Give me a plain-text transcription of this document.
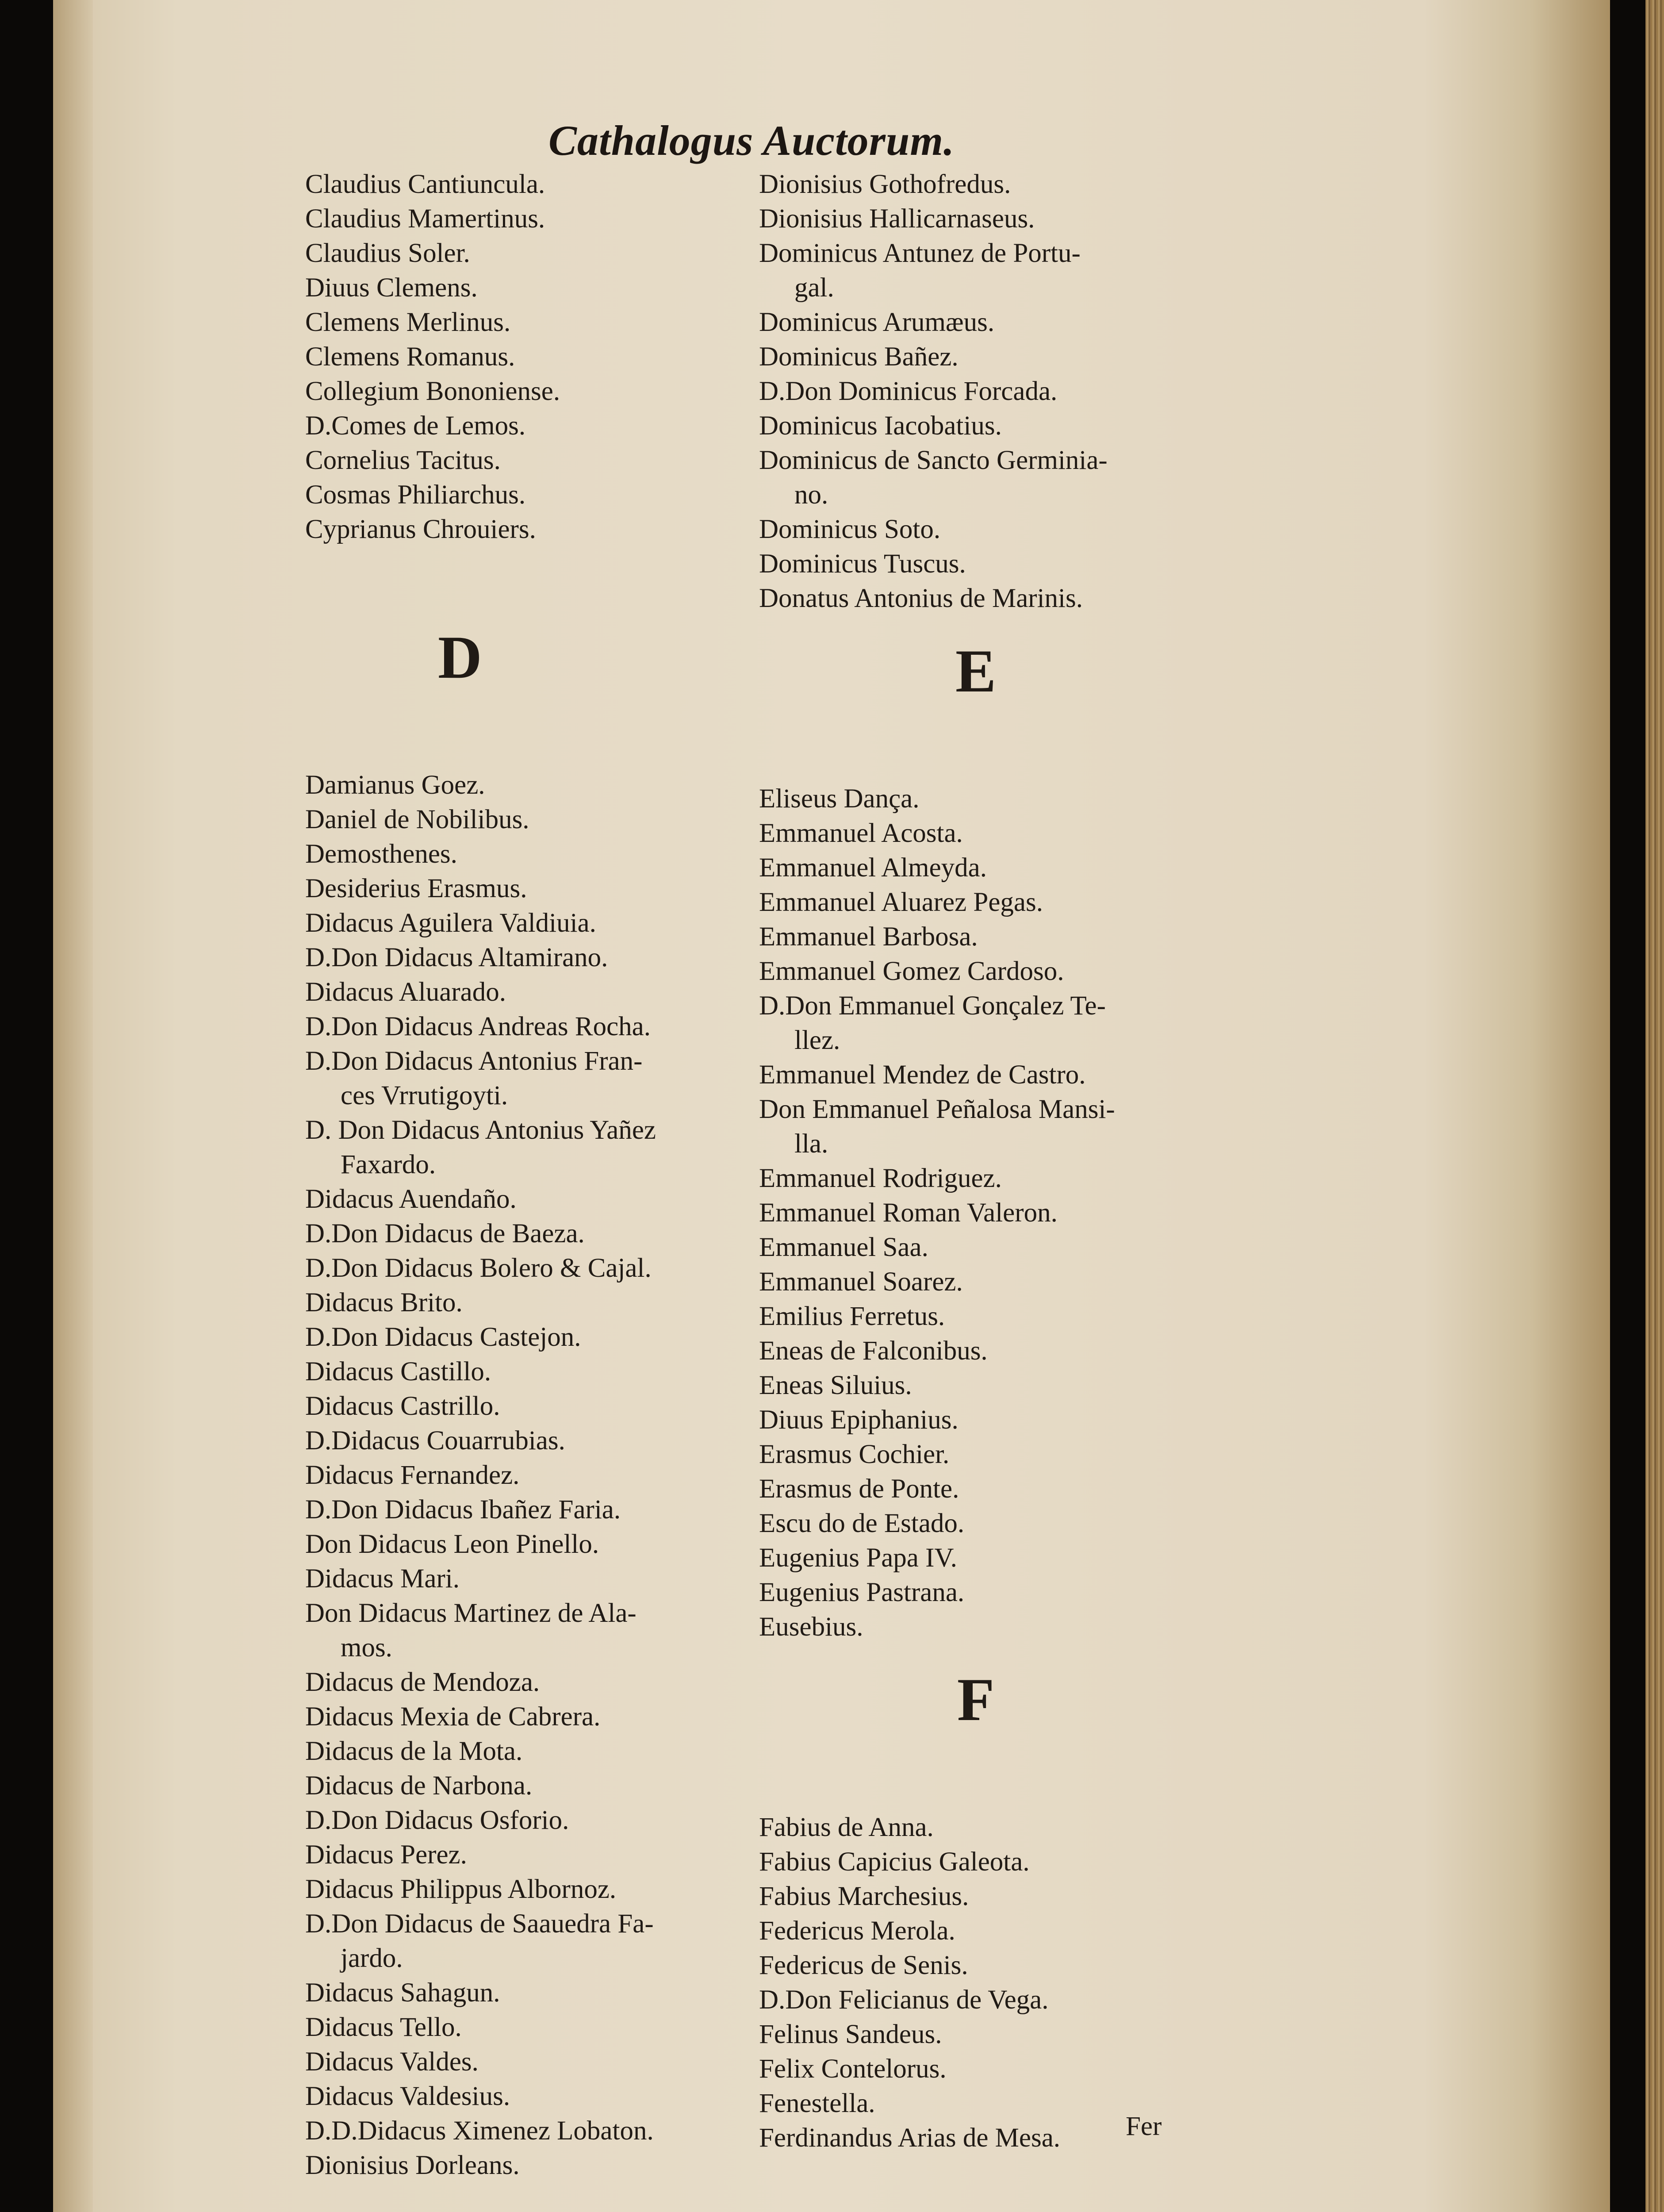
Cathalogus Auctorum.
Claudius Cantiuncula.
Claudius Mamertinus.
Claudius Soler.
Diuus Clemens.
Clemens Merlinus.
Clemens Romanus.
Collegium Bononiense.
D.Comes de Lemos.
Cornelius Tacitus.
Cosmas Philiarchus.
Cyprianus Chrouiers.
D
Damianus Goez.
Daniel de Nobilibus.
Demosthenes.
Desiderius Erasmus.
Didacus Aguilera Valdiuia.
D.Don Didacus Altamirano.
Didacus Aluarado.
D.Don Didacus Andreas Rocha.
D.Don Didacus Antonius Fran-
ces Vrrutigoyti.
D. Don Didacus Antonius Yañez
Faxardo.
Didacus Auendaño.
D.Don Didacus de Baeza.
D.Don Didacus Bolero & Cajal.
Didacus Brito.
D.Don Didacus Castejon.
Didacus Castillo.
Didacus Castrillo.
D.Didacus Couarrubias.
Didacus Fernandez.
D.Don Didacus Ibañez Faria.
Don Didacus Leon Pinello.
Didacus Mari.
Don Didacus Martinez de Ala-
mos.
Didacus de Mendoza.
Didacus Mexia de Cabrera.
Didacus de la Mota.
Didacus de Narbona.
D.Don Didacus Osforio.
Didacus Perez.
Didacus Philippus Albornoz.
D.Don Didacus de Saauedra Fa-
jardo.
Didacus Sahagun.
Didacus Tello.
Didacus Valdes.
Didacus Valdesius.
D.D.Didacus Ximenez Lobaton.
Dionisius Dorleans.
Dionisius Gothofredus.
Dionisius Hallicarnaseus.
Dominicus Antunez de Portu-
gal.
Dominicus Arumæus.
Dominicus Bañez.
D.Don Dominicus Forcada.
Dominicus Iacobatius.
Dominicus de Sancto Germinia-
no.
Dominicus Soto.
Dominicus Tuscus.
Donatus Antonius de Marinis.
E
Eliseus Dança.
Emmanuel Acosta.
Emmanuel Almeyda.
Emmanuel Aluarez Pegas.
Emmanuel Barbosa.
Emmanuel Gomez Cardoso.
D.Don Emmanuel Gonçalez Te-
llez.
Emmanuel Mendez de Castro.
Don Emmanuel Peñalosa Mansi-
lla.
Emmanuel Rodriguez.
Emmanuel Roman Valeron.
Emmanuel Saa.
Emmanuel Soarez.
Emilius Ferretus.
Eneas de Falconibus.
Eneas Siluius.
Diuus Epiphanius.
Erasmus Cochier.
Erasmus de Ponte.
Escu do de Estado.
Eugenius Papa IV.
Eugenius Pastrana.
Eusebius.
F
Fabius de Anna.
Fabius Capicius Galeota.
Fabius Marchesius.
Federicus Merola.
Federicus de Senis.
D.Don Felicianus de Vega.
Felinus Sandeus.
Felix Contelorus.
Fenestella.
Ferdinandus Arias de Mesa.	Fer
